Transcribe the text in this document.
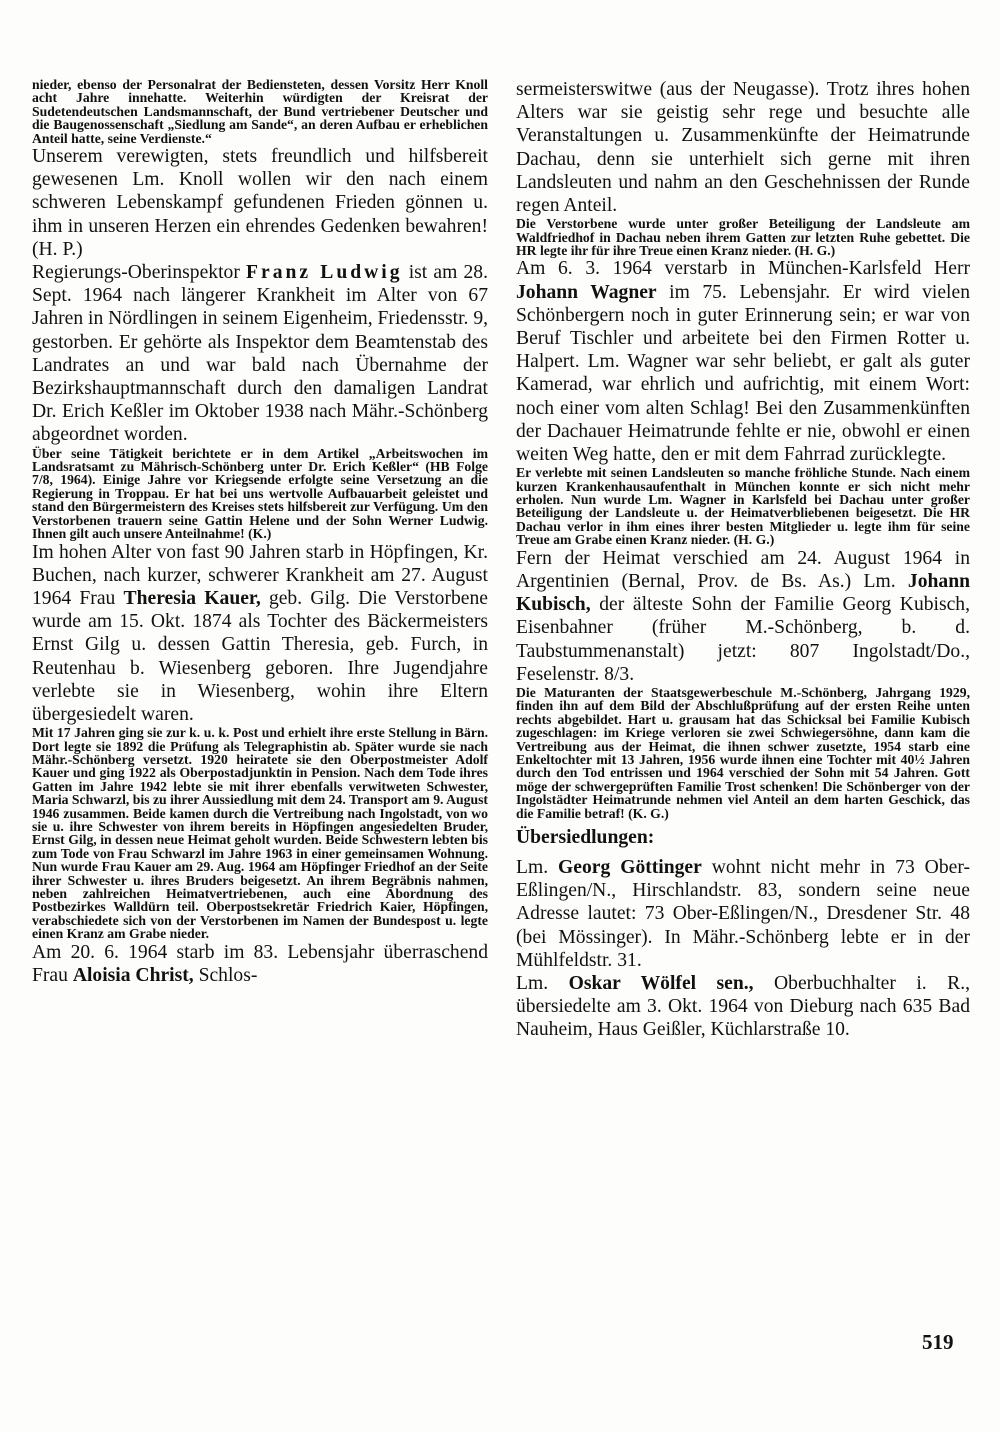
nieder, ebenso der Personalrat der Bediensteten, dessen Vorsitz Herr Knoll acht Jahre innehatte. Weiterhin würdigten der Kreisrat der Sudetendeutschen Landsmannschaft, der Bund vertriebener Deutscher und die Baugenossenschaft „Siedlung am Sande“, an deren Aufbau er erheblichen Anteil hatte, seine Verdienste.“

Unserem verewigten, stets freundlich und hilfsbereit gewesenen Lm. Knoll wollen wir den nach einem schweren Lebenskampf gefundenen Frieden gönnen u. ihm in unseren Herzen ein ehrendes Gedenken bewahren! (H. P.)

Regierungs-Oberinspektor Franz Ludwig ist am 28. Sept. 1964 nach längerer Krankheit im Alter von 67 Jahren in Nördlingen in seinem Eigenheim, Friedensstr. 9, gestorben. Er gehörte als Inspektor dem Beamtenstab des Landrates an und war bald nach Übernahme der Bezirkshauptmannschaft durch den damaligen Landrat Dr. Erich Keßler im Oktober 1938 nach Mähr.-Schönberg abgeordnet worden.

Über seine Tätigkeit berichtete er in dem Artikel „Arbeitswochen im Landsratsamt zu Mährisch-Schönberg unter Dr. Erich Keßler“ (HB Folge 7/8, 1964). Einige Jahre vor Kriegsende erfolgte seine Versetzung an die Regierung in Troppau. Er hat bei uns wertvolle Aufbauarbeit geleistet und stand den Bürgermeistern des Kreises stets hilfsbereit zur Verfügung. Um den Verstorbenen trauern seine Gattin Helene und der Sohn Werner Ludwig. Ihnen gilt auch unsere Anteilnahme! (K.)

Im hohen Alter von fast 90 Jahren starb in Höpfingen, Kr. Buchen, nach kurzer, schwerer Krankheit am 27. August 1964 Frau Theresia Kauer, geb. Gilg. Die Verstorbene wurde am 15. Okt. 1874 als Tochter des Bäckermeisters Ernst Gilg u. dessen Gattin Theresia, geb. Furch, in Reutenhau b. Wiesenberg geboren. Ihre Jugendjahre verlebte sie in Wiesenberg, wohin ihre Eltern übergesiedelt waren.

Mit 17 Jahren ging sie zur k. u. k. Post und erhielt ihre erste Stellung in Bärn. Dort legte sie 1892 die Prüfung als Telegraphistin ab. Später wurde sie nach Mähr.-Schönberg versetzt. 1920 heiratete sie den Oberpostmeister Adolf Kauer und ging 1922 als Oberpostadjunktin in Pension. Nach dem Tode ihres Gatten im Jahre 1942 lebte sie mit ihrer ebenfalls verwitweten Schwester, Maria Schwarzl, bis zu ihrer Aussiedlung mit dem 24. Transport am 9. August 1946 zusammen. Beide kamen durch die Vertreibung nach Ingolstadt, von wo sie u. ihre Schwester von ihrem bereits in Höpfingen angesiedelten Bruder, Ernst Gilg, in dessen neue Heimat geholt wurden. Beide Schwestern lebten bis zum Tode von Frau Schwarzl im Jahre 1963 in einer gemeinsamen Wohnung. Nun wurde Frau Kauer am 29. Aug. 1964 am Höpfinger Friedhof an der Seite ihrer Schwester u. ihres Bruders beigesetzt. An ihrem Begräbnis nahmen, neben zahlreichen Heimatvertriebenen, auch eine Abordnung des Postbezirkes Walldürn teil. Oberpostsekretär Friedrich Kaier, Höpfingen, verabschiedete sich von der Verstorbenen im Namen der Bundespost u. legte einen Kranz am Grabe nieder.

Am 20. 6. 1964 starb im 83. Lebensjahr überraschend Frau Aloisia Christ, Schlos-

sermeisterswitwe (aus der Neugasse). Trotz ihres hohen Alters war sie geistig sehr rege und besuchte alle Veranstaltungen u. Zusammenkünfte der Heimatrunde Dachau, denn sie unterhielt sich gerne mit ihren Landsleuten und nahm an den Geschehnissen der Runde regen Anteil.

Die Verstorbene wurde unter großer Beteiligung der Landsleute am Waldfriedhof in Dachau neben ihrem Gatten zur letzten Ruhe gebettet. Die HR legte ihr für ihre Treue einen Kranz nieder. (H. G.)

Am 6. 3. 1964 verstarb in München-Karlsfeld Herr Johann Wagner im 75. Lebensjahr. Er wird vielen Schönbergern noch in guter Erinnerung sein; er war von Beruf Tischler und arbeitete bei den Firmen Rotter u. Halpert. Lm. Wagner war sehr beliebt, er galt als guter Kamerad, war ehrlich und aufrichtig, mit einem Wort: noch einer vom alten Schlag! Bei den Zusammenkünften der Dachauer Heimatrunde fehlte er nie, obwohl er einen weiten Weg hatte, den er mit dem Fahrrad zurücklegte.

Er verlebte mit seinen Landsleuten so manche fröhliche Stunde. Nach einem kurzen Krankenhausaufenthalt in München konnte er sich nicht mehr erholen. Nun wurde Lm. Wagner in Karlsfeld bei Dachau unter großer Beteiligung der Landsleute u. der Heimatverbliebenen beigesetzt. Die HR Dachau verlor in ihm eines ihrer besten Mitglieder u. legte ihm für seine Treue am Grabe einen Kranz nieder. (H. G.)

Fern der Heimat verschied am 24. August 1964 in Argentinien (Bernal, Prov. de Bs. As.) Lm. Johann Kubisch, der älteste Sohn der Familie Georg Kubisch, Eisenbahner (früher M.-Schönberg, b. d. Taubstummenanstalt) jetzt: 807 Ingolstadt/Do., Feselenstr. 8/3.

Die Maturanten der Staatsgewerbeschule M.-Schönberg, Jahrgang 1929, finden ihn auf dem Bild der Abschlußprüfung auf der ersten Reihe unten rechts abgebildet. Hart u. grausam hat das Schicksal bei Familie Kubisch zugeschlagen: im Kriege verloren sie zwei Schwiegersöhne, dann kam die Vertreibung aus der Heimat, die ihnen schwer zusetzte, 1954 starb eine Enkeltochter mit 13 Jahren, 1956 wurde ihnen eine Tochter mit 40½ Jahren durch den Tod entrissen und 1964 verschied der Sohn mit 54 Jahren. Gott möge der schwergeprüften Familie Trost schenken! Die Schönberger von der Ingolstädter Heimatrunde nehmen viel Anteil an dem harten Geschick, das die Familie betraf! (K. G.)

Übersiedlungen:

Lm. Georg Göttinger wohnt nicht mehr in 73 Ober-Eßlingen/N., Hirschlandstr. 83, sondern seine neue Adresse lautet: 73 Ober-Eßlingen/N., Dresdener Str. 48 (bei Mössinger). In Mähr.-Schönberg lebte er in der Mühlfeldstr. 31.

Lm. Oskar Wölfel sen., Oberbuchhalter i. R., übersiedelte am 3. Okt. 1964 von Dieburg nach 635 Bad Nauheim, Haus Geißler, Küchlarstraße 10.

519
